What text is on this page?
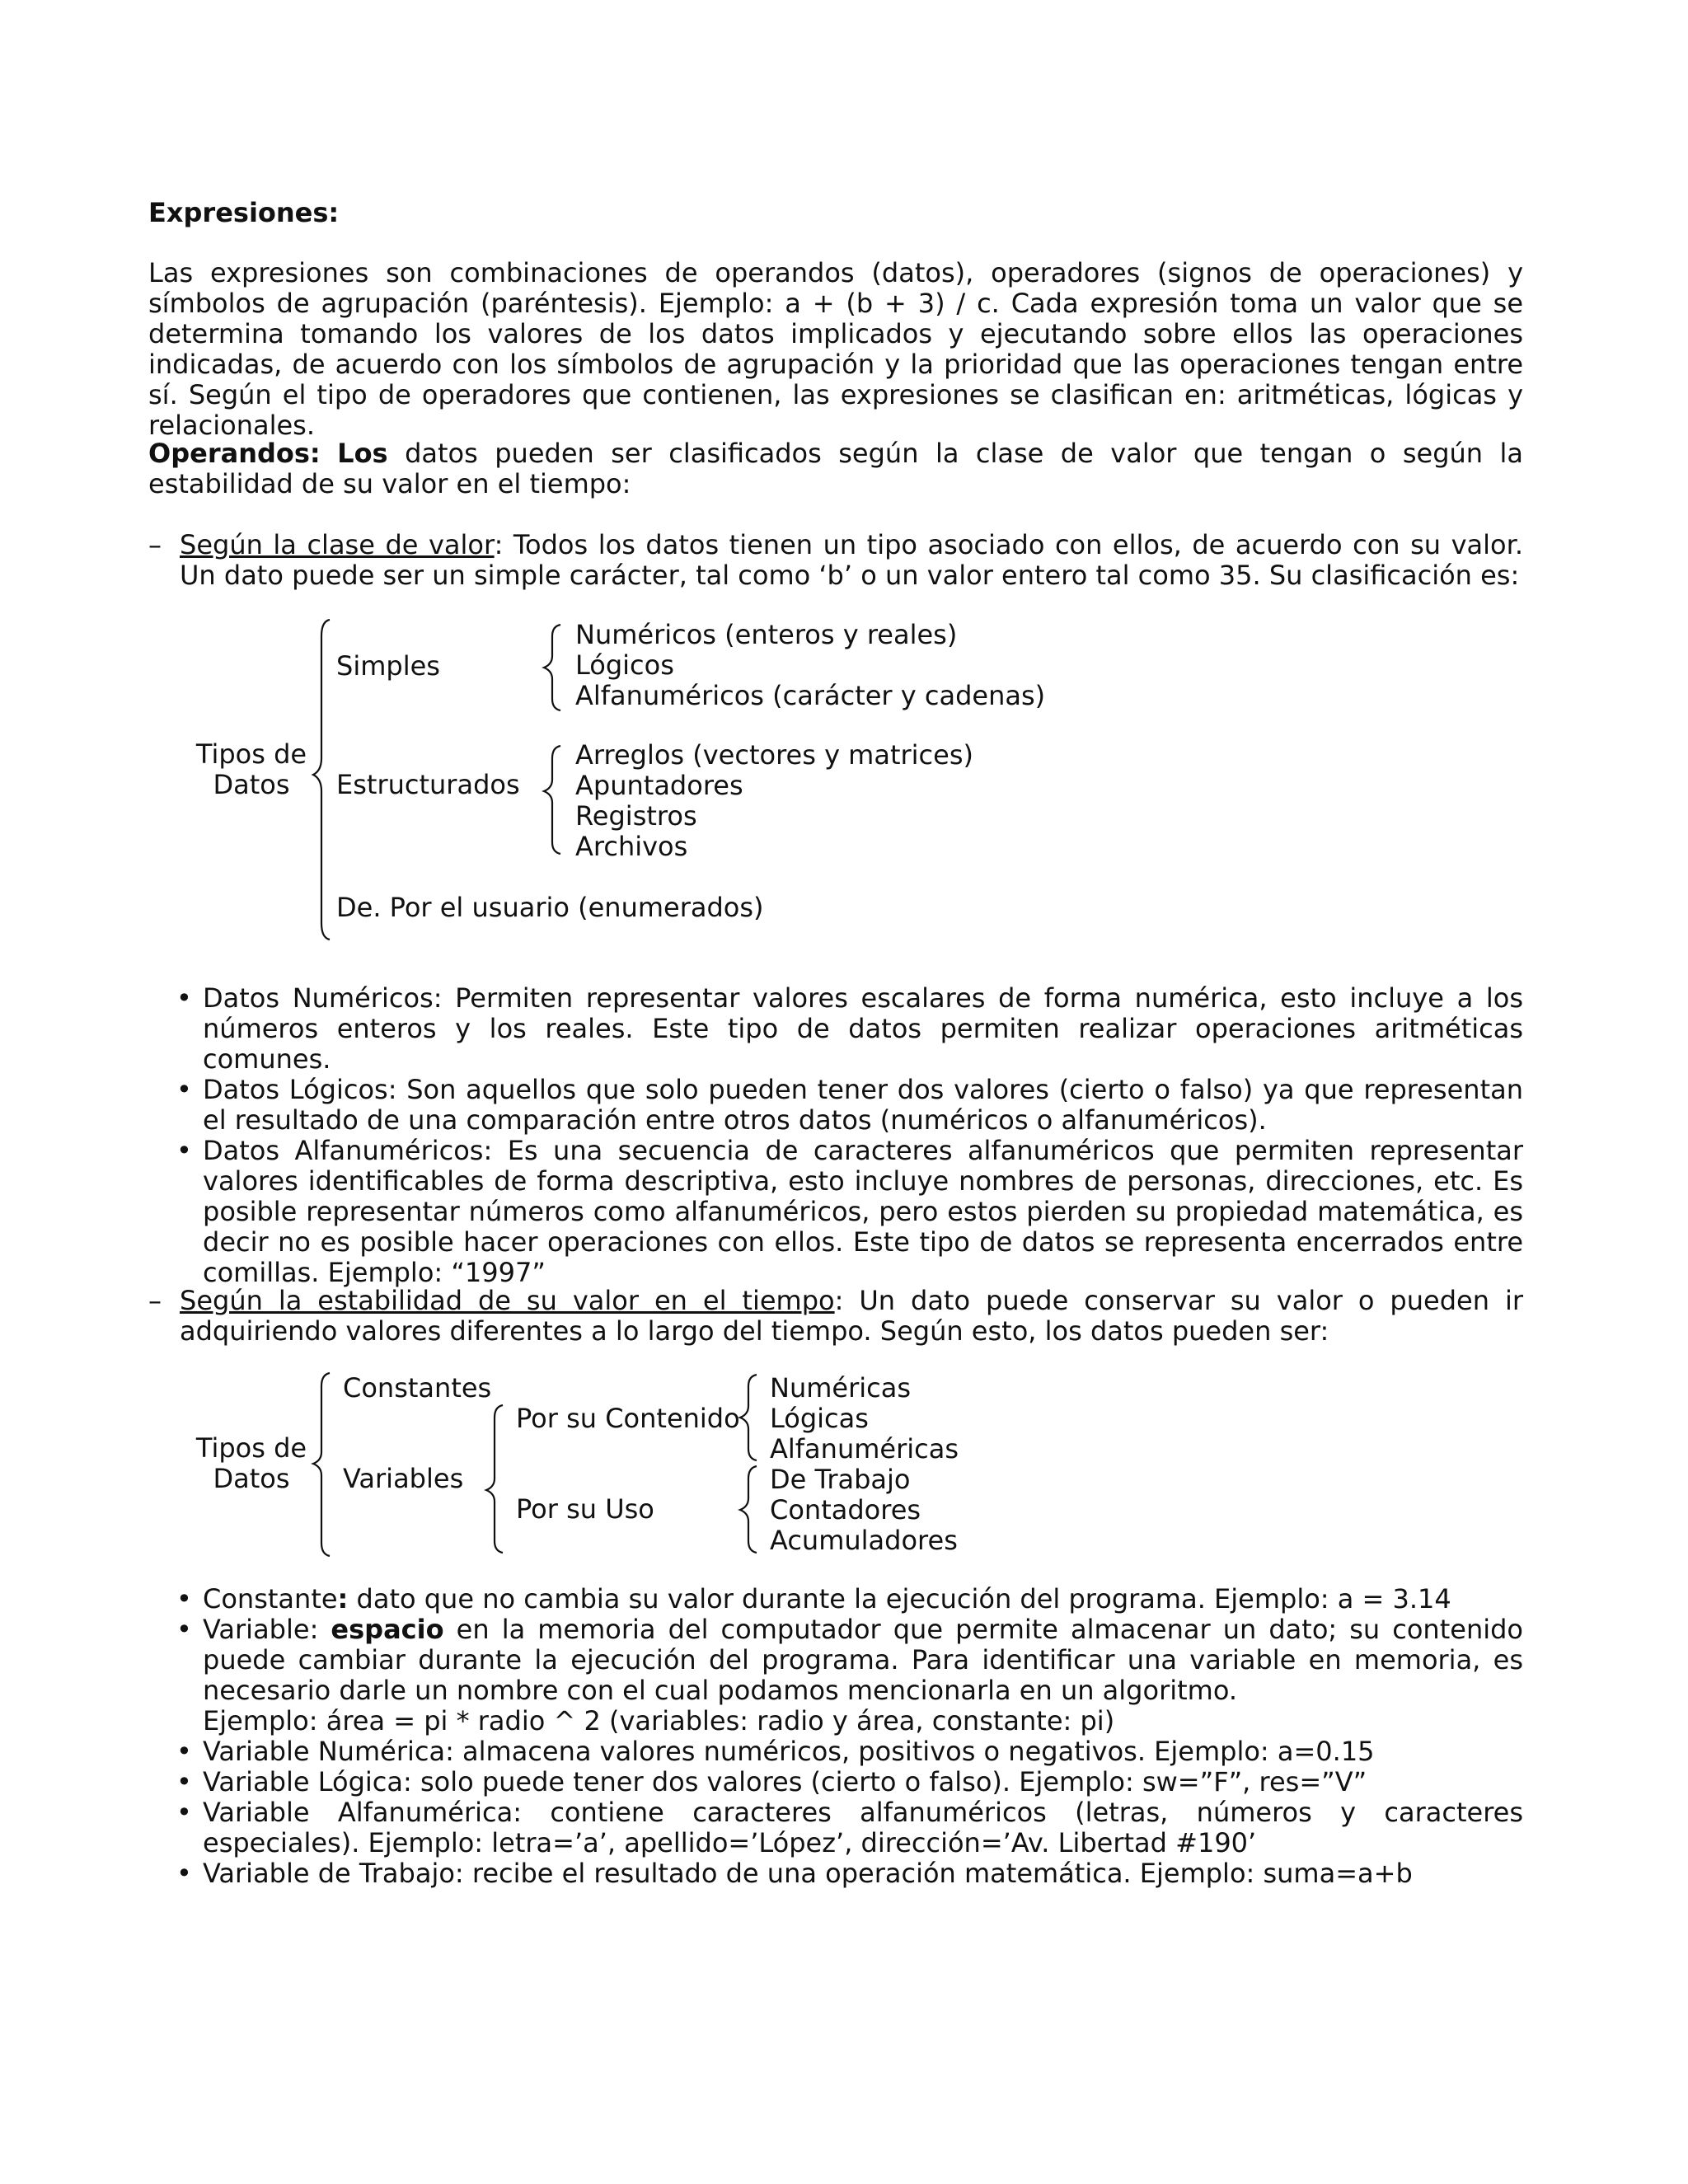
Expresiones:

Las expresiones son combinaciones de operandos (datos), operadores (signos de operaciones) y símbolos de agrupación (paréntesis). Ejemplo: a + (b + 3) / c. Cada expresión toma un valor que se determina tomando los valores de los datos implicados y ejecutando sobre ellos las operaciones indicadas, de acuerdo con los símbolos de agrupación y la prioridad que las operaciones tengan entre sí. Según el tipo de operadores que contienen, las expresiones se clasifican en: aritméticas, lógicas y relacionales.

Operandos: Los datos pueden ser clasificados según la clase de valor que tengan o según la estabilidad de su valor en el tiempo:

– Según la clase de valor: Todos los datos tienen un tipo asociado con ellos, de acuerdo con su valor. Un dato puede ser un simple carácter, tal como ‘b’ o un valor entero tal como 35. Su clasificación es:

Tipos de
Datos
Simples
Numéricos (enteros y reales)
Lógicos
Alfanuméricos (carácter y cadenas)
Estructurados
Arreglos (vectores y matrices)
Apuntadores
Registros
Archivos
De. Por el usuario (enumerados)
• Datos Numéricos: Permiten representar valores escalares de forma numérica, esto incluye a los números enteros y los reales. Este tipo de datos permiten realizar operaciones aritméticas comunes.
• Datos Lógicos: Son aquellos que solo pueden tener dos valores (cierto o falso) ya que representan el resultado de una comparación entre otros datos (numéricos o alfanuméricos).
• Datos Alfanuméricos: Es una secuencia de caracteres alfanuméricos que permiten representar valores identificables de forma descriptiva, esto incluye nombres de personas, direcciones, etc. Es posible representar números como alfanuméricos, pero estos pierden su propiedad matemática, es decir no es posible hacer operaciones con ellos. Este tipo de datos se representa encerrados entre comillas. Ejemplo: “1997”
– Según la estabilidad de su valor en el tiempo: Un dato puede conservar su valor o pueden ir adquiriendo valores diferentes a lo largo del tiempo. Según esto, los datos pueden ser:

Tipos de
Datos
Constantes
Variables
Por su Contenido
Por su Uso
Numéricas
Lógicas
Alfanuméricas
De Trabajo
Contadores
Acumuladores
• Constante: dato que no cambia su valor durante la ejecución del programa. Ejemplo: a = 3.14
• Variable: espacio en la memoria del computador que permite almacenar un dato; su contenido puede cambiar durante la ejecución del programa. Para identificar una variable en memoria, es necesario darle un nombre con el cual podamos mencionarla en un algoritmo.
Ejemplo: área = pi * radio ^ 2 (variables: radio y área, constante: pi)
• Variable Numérica: almacena valores numéricos, positivos o negativos. Ejemplo: a=0.15
• Variable Lógica: solo puede tener dos valores (cierto o falso). Ejemplo: sw=”F”, res=”V”
• Variable Alfanumérica: contiene caracteres alfanuméricos (letras, números y caracteres especiales). Ejemplo: letra=’a’, apellido=’López’, dirección=’Av. Libertad #190’
• Variable de Trabajo: recibe el resultado de una operación matemática. Ejemplo: suma=a+b
